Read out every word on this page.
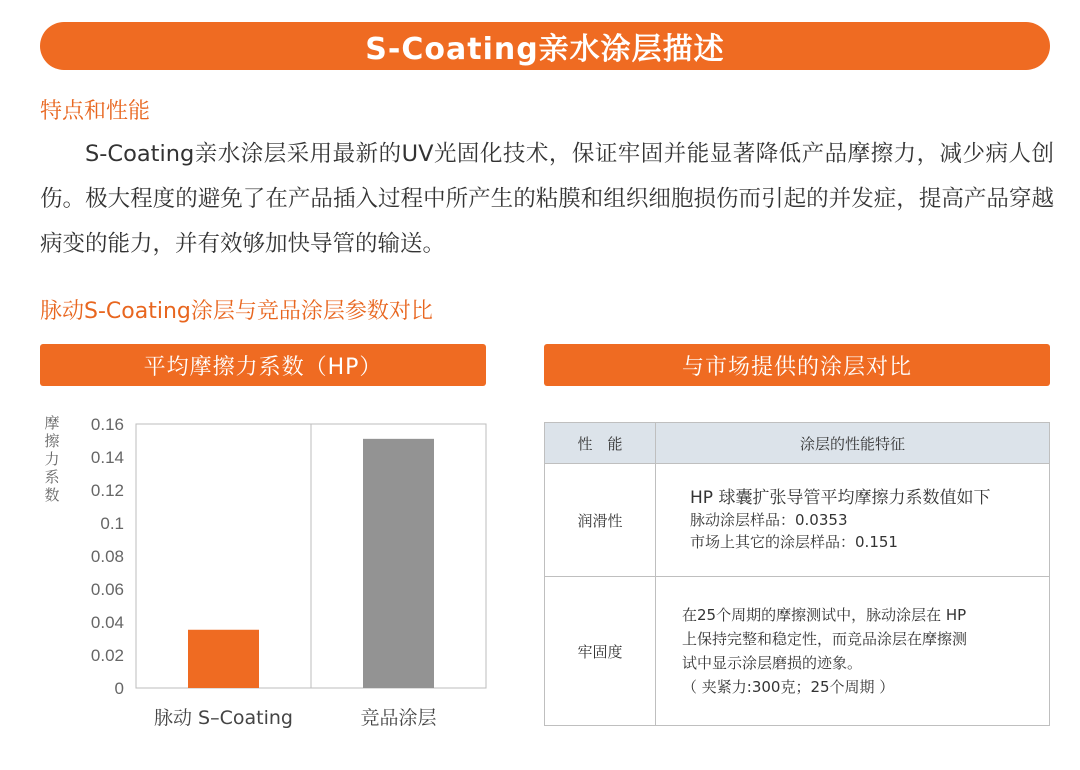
S-Coating亲水涂层描述
特点和性能
S-Coating亲水涂层采用最新的UV光固化技术，保证牢固并能显著降低产品摩擦力，减少病人创伤。极大程度的避免了在产品插入过程中所产生的粘膜和组织细胞损伤而引起的并发症，提高产品穿越病变的能力，并有效够加快导管的输送。
脉动S-Coating涂层与竞品涂层参数对比
平均摩擦力系数（HP）	与市场提供的涂层对比
0
0.02
0.04
0.06
0.08
0.1
0.12
0.14
0.16
摩
擦
力
系
数
脉动 S–Coating	竞品涂层
性　能	涂层的性能特征
润滑性	HP 球囊扩张导管平均摩擦力系数值如下
脉动涂层样品：0.0353
市场上其它的涂层样品：0.151

牢固度	在25个周期的摩擦测试中，脉动涂层在 HP
上保持完整和稳定性，而竞品涂层在摩擦测
试中显示涂层磨损的迹象。
（ 夹紧力:300克；25个周期 ）
